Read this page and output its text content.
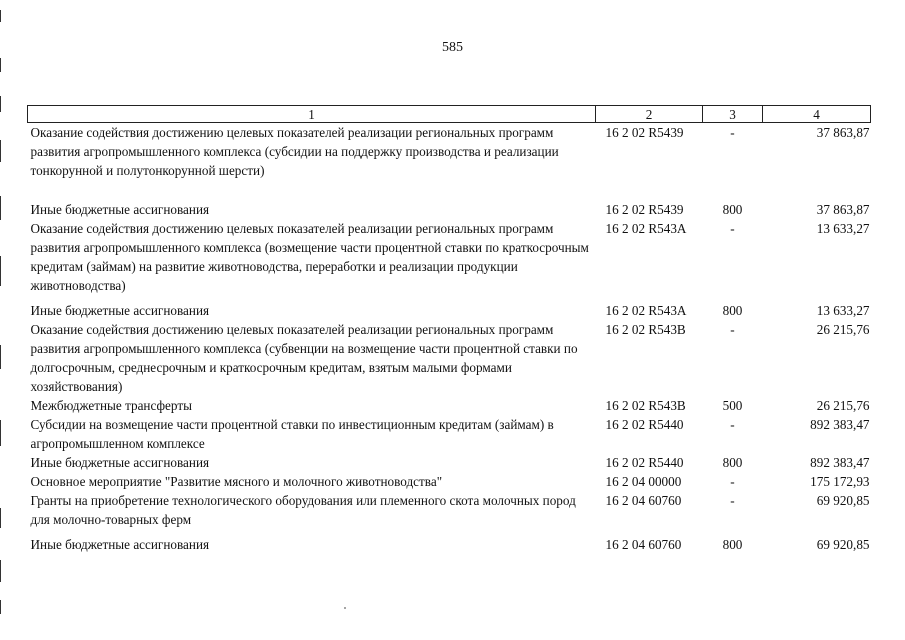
585
1	2	3	4
Оказание содействия достижению целевых показателей реализации региональных программ развития агропромышленного комплекса (субсидии на поддержку производства и реализации тонкорунной и полутонкорунной шерсти)	16 2 02 R5439	-	37 863,87
Иные бюджетные ассигнования	16 2 02 R5439	800	37 863,87
Оказание содействия достижению целевых показателей реализации региональных программ развития агропромышленного комплекса (возмещение части процентной ставки по краткосрочным кредитам (займам) на развитие животноводства, переработки и реализации продукции животноводства)	16 2 02 R543A	-	13 633,27
Иные бюджетные ассигнования	16 2 02 R543A	800	13 633,27
Оказание содействия достижению целевых показателей реализации региональных программ развития агропромышленного комплекса (субвенции на возмещение части процентной ставки по долгосрочным, среднесрочным и краткосрочным кредитам, взятым малыми формами хозяйствования)	16 2 02 R543B	-	26 215,76
Межбюджетные трансферты	16 2 02 R543B	500	26 215,76
Субсидии на возмещение части процентной ставки по инвестиционным кредитам (займам) в агропромышленном комплексе	16 2 02 R5440	-	892 383,47
Иные бюджетные ассигнования	16 2 02 R5440	800	892 383,47
Основное мероприятие "Развитие мясного и молочного животноводства"	16 2 04 00000	-	175 172,93
Гранты на приобретение технологического оборудования или племенного скота молочных пород для молочно-товарных ферм	16 2 04 60760	-	69 920,85
Иные бюджетные ассигнования	16 2 04 60760	800	69 920,85
